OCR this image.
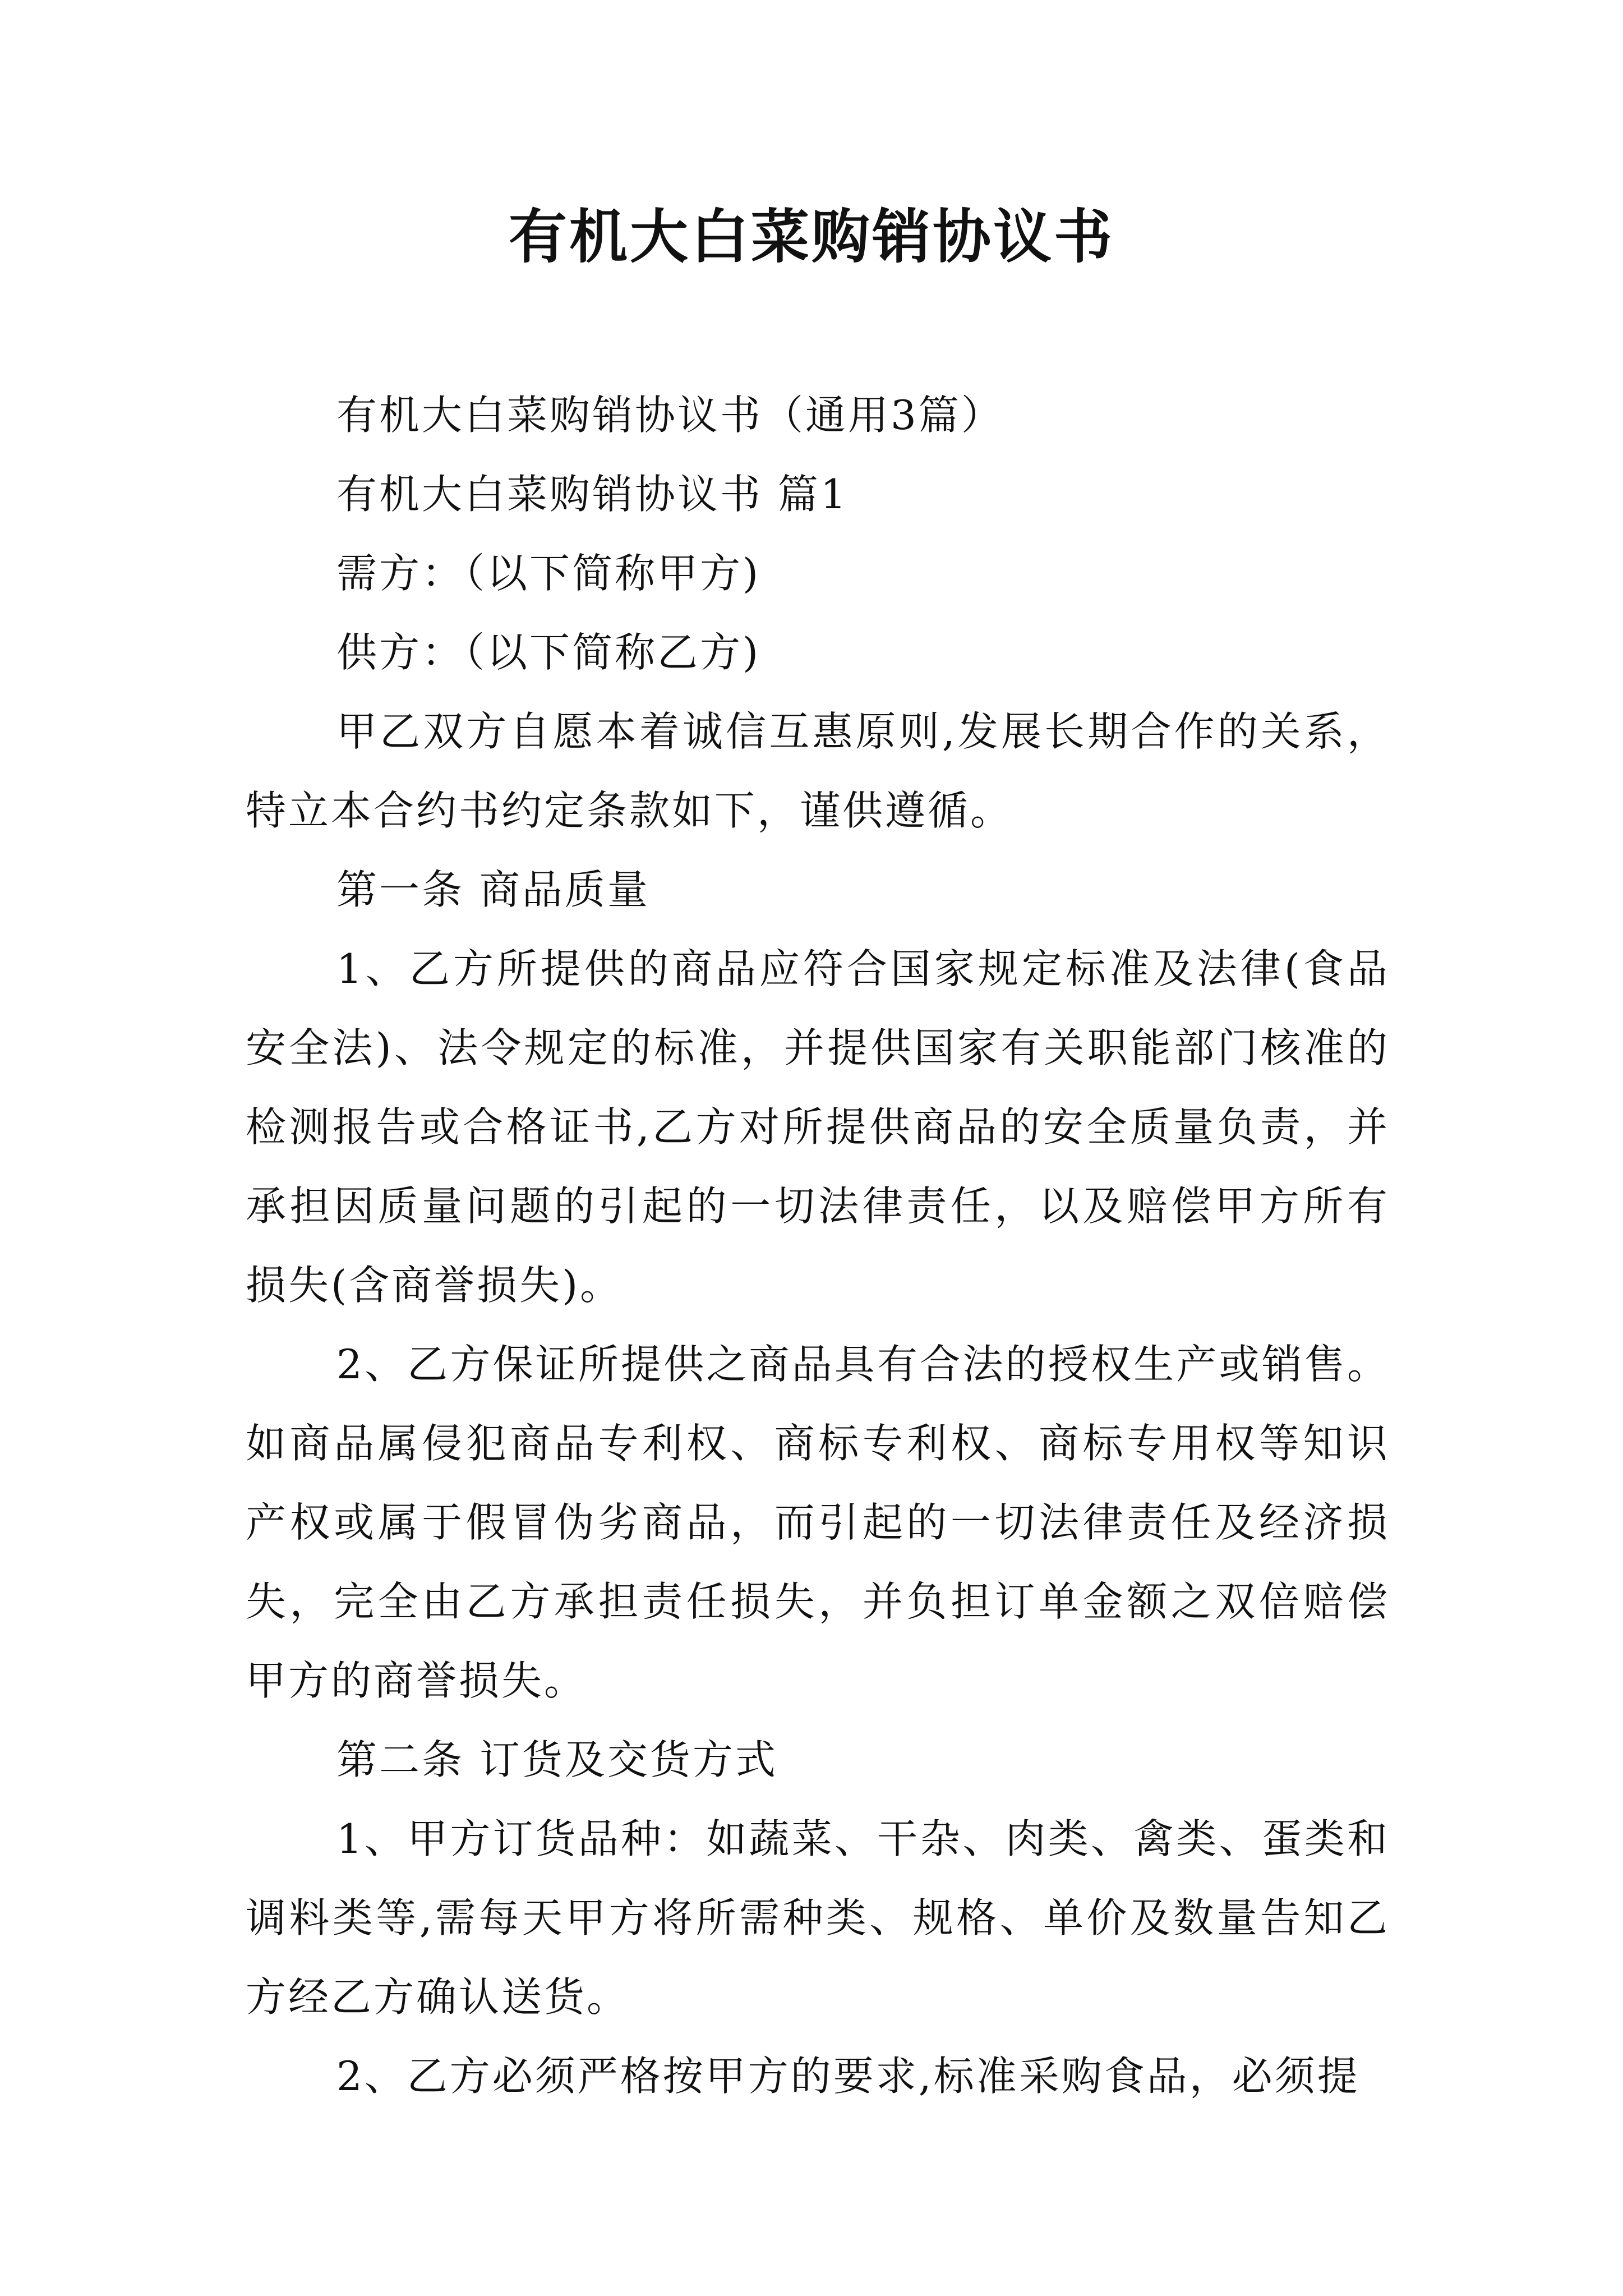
有机大白菜购销协议书

有机大白菜购销协议书（通用3篇）

有机大白菜购销协议书 篇1

需方：（以下简称甲方)

供方：（以下简称乙方)

甲乙双方自愿本着诚信互惠原则,发展长期合作的关系，特立本合约书约定条款如下，谨供遵循。

第一条 商品质量

1、乙方所提供的商品应符合国家规定标准及法律(食品安全法)、法令规定的标准，并提供国家有关职能部门核准的检测报告或合格证书,乙方对所提供商品的安全质量负责，并承担因质量问题的引起的一切法律责任，以及赔偿甲方所有损失(含商誉损失)。

2、乙方保证所提供之商品具有合法的授权生产或销售。如商品属侵犯商品专利权、商标专利权、商标专用权等知识产权或属于假冒伪劣商品，而引起的一切法律责任及经济损失，完全由乙方承担责任损失，并负担订单金额之双倍赔偿甲方的商誉损失。

第二条 订货及交货方式

1、甲方订货品种：如蔬菜、干杂、肉类、禽类、蛋类和调料类等,需每天甲方将所需种类、规格、单价及数量告知乙方经乙方确认送货。

2、乙方必须严格按甲方的要求,标准采购食品，必须提
